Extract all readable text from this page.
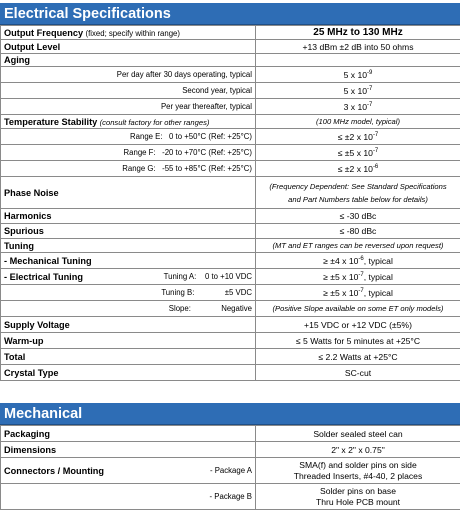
Electrical Specifications
Output Frequency (fixed; specify within range)	25 MHz to 130 MHz
Output Level	+13 dBm ±2 dB into 50 ohms
Aging	
Per day after 30 days operating, typical	5 x $10^{-9}$
Second year, typical	5 x $10^{-7}$
Per year thereafter, typical	3 x $10^{-7}$
Temperature Stability (consult factory for other ranges)	(100 MHz model, typical)
Range E: 0 to +50°C (Ref: +25°C)	≤ ±2 x $10^{-7}$
Range F: -20 to +70°C (Ref: +25°C)	≤ ±5 x $10^{-7}$
Range G: -55 to +85°C (Ref: +25°C)	≤ ±2 x $10^{-6}$
Phase Noise	(Frequency Dependent: See Standard Specifications
and Part Numbers table below for details)

Harmonics	≤ -30 dBc
Spurious	≤ -80 dBc
Tuning	(MT and ET ranges can be reversed upon request)
- Mechanical Tuning	≥ ±4 x $10^{-6}$, typical

- Electrical Tuning Tuning A: 0 to +10 VDC	≥ ±5 x $10^{-7}$, typical
Tuning B: ±5 VDC	≥ ±5 x $10^{-7}$, typical
Slope: Negative	(Positive Slope available on some ET only models)
Supply Voltage	+15 VDC or +12 VDC (±5%)
Warm-up	≤ 5 Watts for 5 minutes at +25°C
Total	≤ 2.2 Watts at +25°C
Crystal Type	SC-cut
Mechanical
Packaging	Solder sealed steel can
Dimensions	2" x 2" x 0.75"

Connectors / Mounting - Package A	SMA(f) and solder pins on side
Threaded Inserts, #4-40, 2 places

- Package B	Solder pins on base
Thru Hole PCB mount
